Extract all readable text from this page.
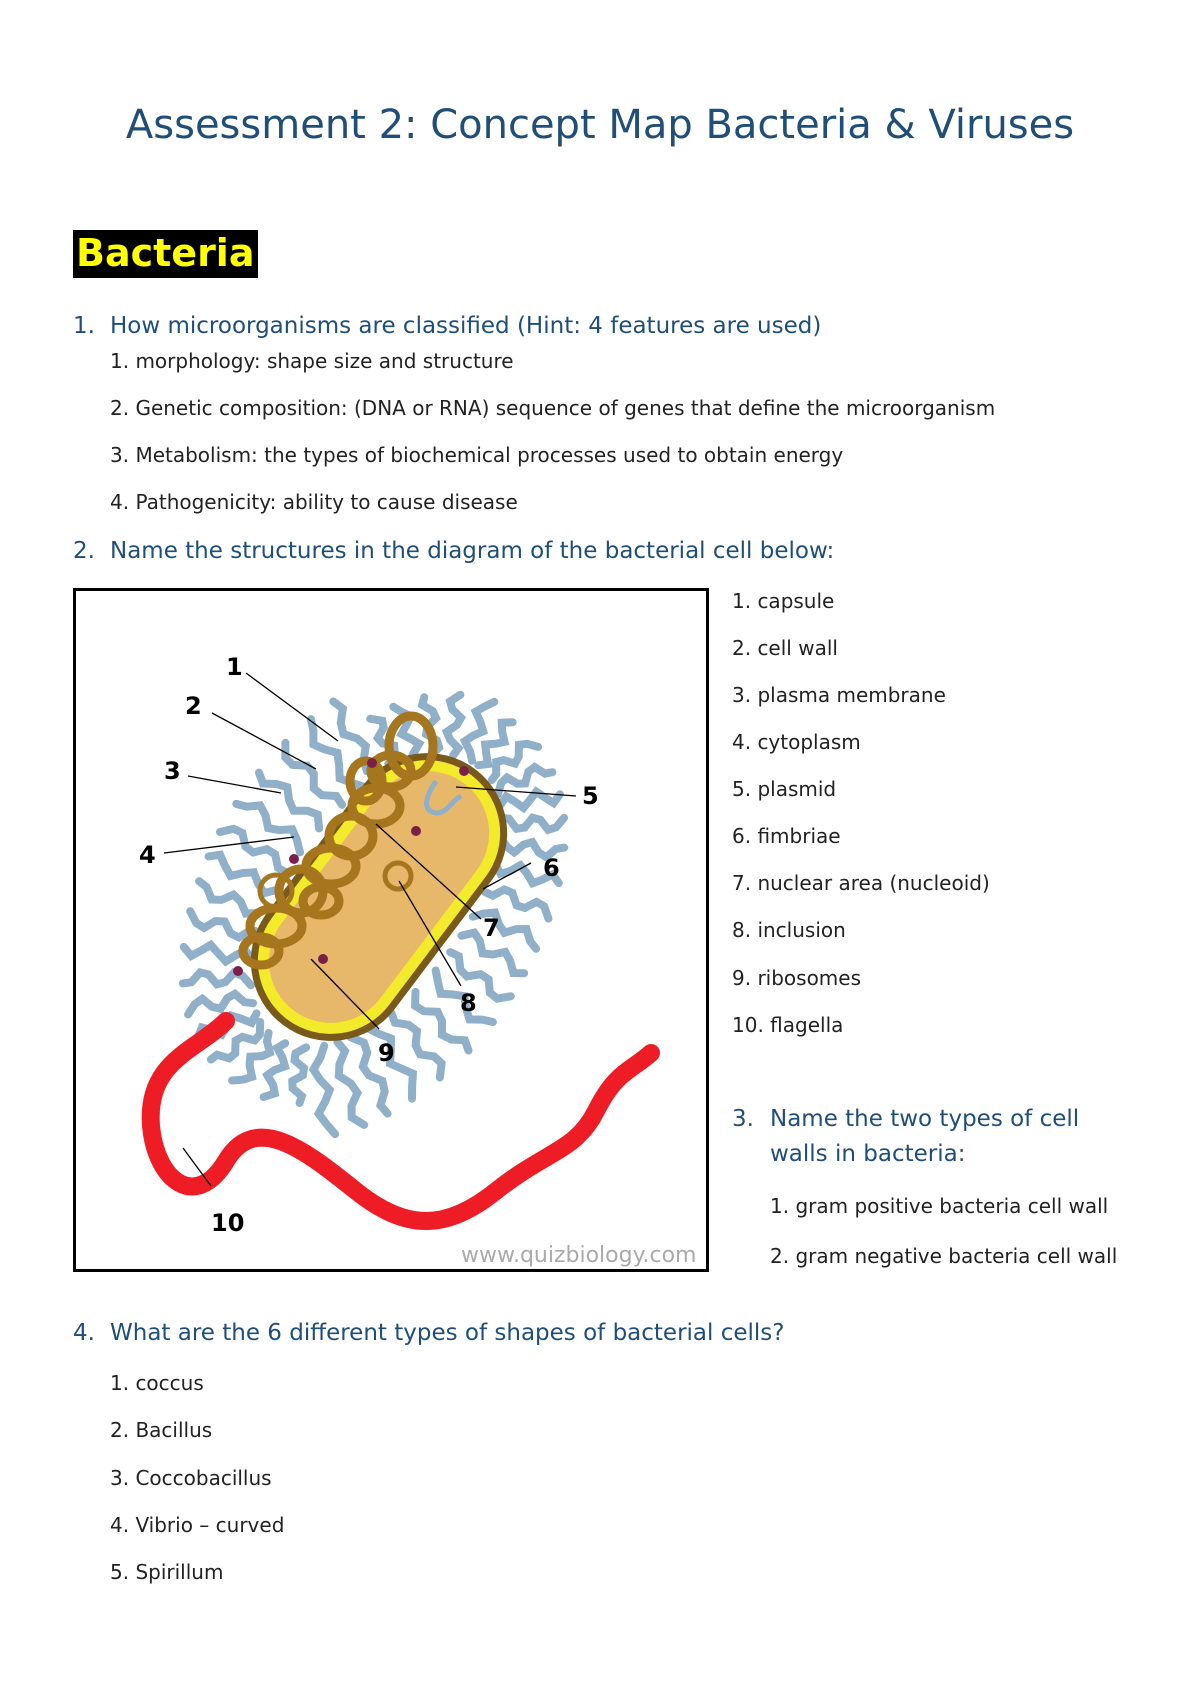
Assessment 2: Concept Map Bacteria & Viruses
Bacteria
1. How microorganisms are classified (Hint: 4 features are used)
1. morphology: shape size and structure
2. Genetic composition: (DNA or RNA) sequence of genes that define the microorganism
3. Metabolism: the types of biochemical processes used to obtain energy
4. Pathogenicity: ability to cause disease
2. Name the structures in the diagram of the bacterial cell below:
1
2
3
4
5
6
7
8
9
10
www.quizbiology.com
1. capsule
2. cell wall
3. plasma membrane
4. cytoplasm
5. plasmid
6. fimbriae
7. nuclear area (nucleoid)
8. inclusion
9. ribosomes
10. flagella
3. Name the two types of cell
walls in bacteria:
1. gram positive bacteria cell wall
2. gram negative bacteria cell wall
4. What are the 6 different types of shapes of bacterial cells?
1. coccus
2. Bacillus
3. Coccobacillus
4. Vibrio – curved
5. Spirillum
